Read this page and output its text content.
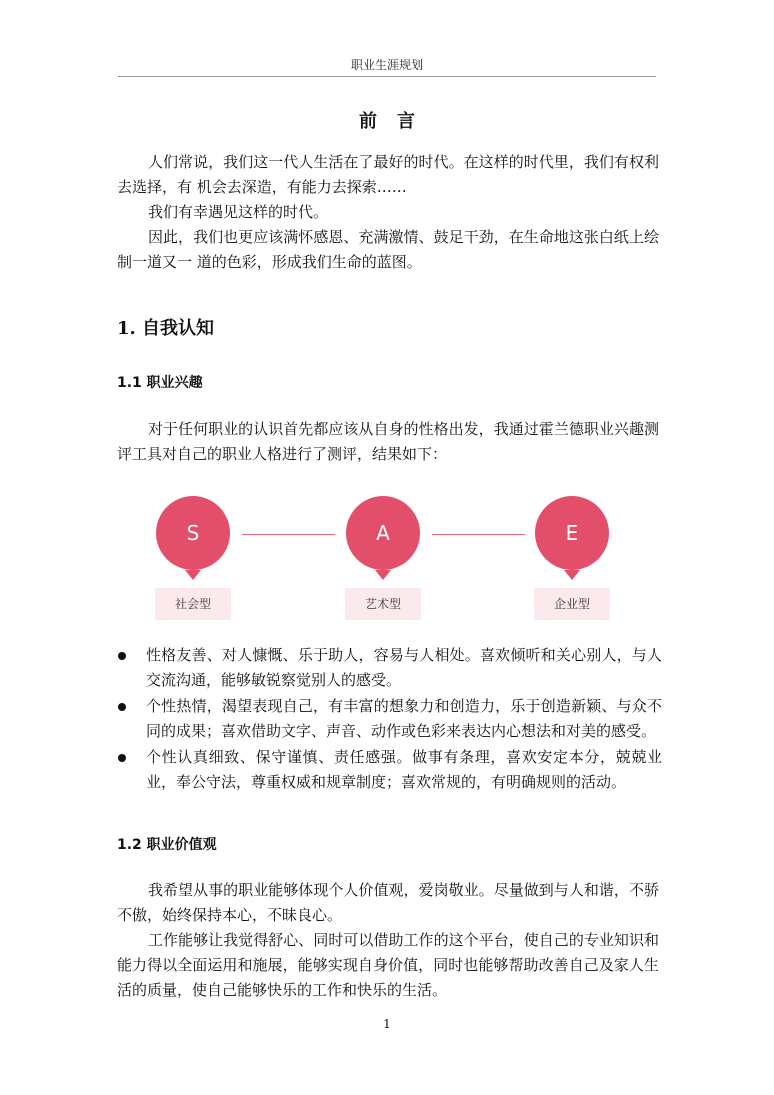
职业生涯规划
前言

人们常说，我们这一代人生活在了最好的时代。在这样的时代里，我们有权利去选择，有 机会去深造，有能力去探索……

我们有幸遇见这样的时代。

因此，我们也更应该满怀感恩、充满激情、鼓足干劲，在生命地这张白纸上绘制一道又一 道的色彩，形成我们生命的蓝图。

1. 自我认知
1.1 职业兴趣

对于任何职业的认识首先都应该从自身的性格出发，我通过霍兰德职业兴趣测评工具对自己的职业人格进行了测评，结果如下：

S
社会型
A
艺术型
E
企业型
性格友善、对人慷慨、乐于助人，容易与人相处。喜欢倾听和关心别人，与人交流沟通，能够敏锐察觉别人的感受。
个性热情，渴望表现自己，有丰富的想象力和创造力，乐于创造新颖、与众不同的成果；喜欢借助文字、声音、动作或色彩来表达内心想法和对美的感受。
个性认真细致、保守谨慎、责任感强。做事有条理，喜欢安定本分，兢兢业业，奉公守法，尊重权威和规章制度；喜欢常规的，有明确规则的活动。
1.2 职业价值观

我希望从事的职业能够体现个人价值观，爱岗敬业。尽量做到与人和谐，不骄不傲，始终保持本心，不昧良心。

工作能够让我觉得舒心、同时可以借助工作的这个平台，使自己的专业知识和能力得以全面运用和施展，能够实现自身价值，同时也能够帮助改善自己及家人生活的质量，使自己能够快乐的工作和快乐的生活。

1
